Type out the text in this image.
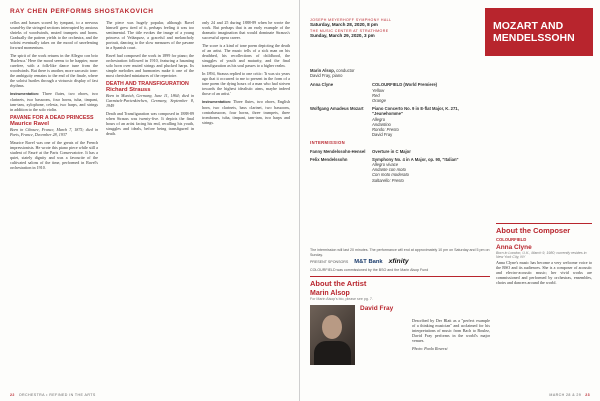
RAY CHEN PERFORMS SHOSTAKOVICH

cellos and basses scored by tympani, to a nervous sound-by the stringed sections interrupted by anxious shrieks of woodwinds, muted trumpets and horns. Gradually the pattern yields to the orchestra, and the soloist eventually takes on the mood of unrelenting forward momentum.

The spirit of the work returns in the Allegro con brio 'Burlesca.' Here the mood seems to be happier, more carefree, with a folk-like dance tune from the woodwinds. But there is another, more sarcastic tone: the ambiguity remains to the end of the finale, where the soloist hurtles through a virtuosic display of fast rhythms.

Instrumentation: Three flutes, two oboes, two clarinets, two bassoons, four horns, tuba, timpani, tam-tam, xylophone, celesta, two harps, and strings in addition to the solo violin.

PAVANE FOR A DEAD PRINCESS
Maurice Ravel

Born in Ciboure, France, March 7, 1875; died in Paris, France, December 28, 1937

Maurice Ravel was one of the greats of the French impressionists. He wrote this piano piece while still a student of Fauré at the Paris Conservatoire. It has a quiet, stately dignity and was a favourite of the cultivated salons of the time, performed in Ravel's orchestration in 1910.

The piece was hugely popular, although Ravel himself grew tired of it, perhaps feeling it was too sentimental. The title evokes the image of a young princess of Velázquez, a graceful and melancholy portrait, dancing to the slow measures of the pavane in a Spanish court.

Ravel had composed the work in 1899 for piano; the orchestration followed in 1910, featuring a haunting solo horn over muted strings and plucked harps. Its simple melodies and harmonies make it one of the most cherished miniatures of the repertoire.

DEATH AND TRANSFIGURATION
Richard Strauss

Born in Munich, Germany, June 11, 1864; died in Garmisch-Partenkirchen, Germany, September 8, 1949

Death and Transfiguration was composed in 1888-89 when Strauss was twenty-five. It depicts the final hours of an artist facing his end, recalling his youth, struggles and ideals, before being transfigured in death.

only 24 and 25 during 1888-89 when he wrote the work. But perhaps that is an early example of the dramatic imagination that would dominate Strauss's successful opera career.

The score is a kind of tone poem depicting the death of an artist. The music tells of a sick man on his deathbed, his recollections of childhood, the struggles of youth and maturity, and the final transfiguration as his soul passes to a higher realm.

In 1894, Strauss replied to one critic: 'It was six years ago that it occurred to me to present in the form of a tone poem the dying hours of a man who had striven towards the highest idealistic aims, maybe indeed those of an artist.'

Instrumentation: Three flutes, two oboes, English horn, two clarinets, bass clarinet, two bassoons, contrabassoon, four horns, three trumpets, three trombones, tuba, timpani, tam-tam, two harps and strings.

22 ORCHESTRA • REFINED IN THE ARTS
MOZART AND MENDELSSOHN
JOSEPH MEYERHOFF SYMPHONY HALL
Saturday, March 28, 2020, 8 pm
THE MUSIC CENTER AT STRATHMORE
Sunday, March 29, 2020, 3 pm
Marin Alsop, conductor
David Fray, piano
Anna Clyne	COLOURFIELD (World Premiere)
Yellow
Red
Orange
Wolfgang Amadeus Mozart	Piano Concerto No. 9 in E-flat Major, K. 271, "Jeunehomme"
Allegro
Andantino
Rondo: Presto
David Fray
INTERMISSION
Fanny Mendelssohn-Hensel	Overture in C Major
Felix Mendelssohn	Symphony No. 4 in A Major, op. 90, "Italian"
Allegro vivace
Andante con moto
Con moto moderato
Saltarello: Presto
The intermission will last 20 minutes. The performance will end at approximately 10 pm on Saturday and 5 pm on Sunday.
PRESENT SPONSORS M&T Bank xfinity
COLOURFIELD was commissioned by the BSO and the Marin Alsop Fund
About the Artist
Marin Alsop
For Marin Alsop's bio, please see pg. 7.
David Fray

Described by Der Blatt as a "perfect example of a thinking musician" and acclaimed for his interpretations of music from Bach to Boulez, David Fray performs in the world's major venues.

Photo: Paolo Roversi

About the Composer
COLOURFIELD
Anna Clyne
Born in London, U.K., March 9, 1980; currently resides in New York City, NY

Anna Clyne's music has become a very welcome voice to the BSO and its audiences. She is a composer of acoustic and electro-acoustic music; her vivid works are commissioned and performed by orchestras, ensembles, choirs and dancers around the world.

MARCH 28 & 29 23
